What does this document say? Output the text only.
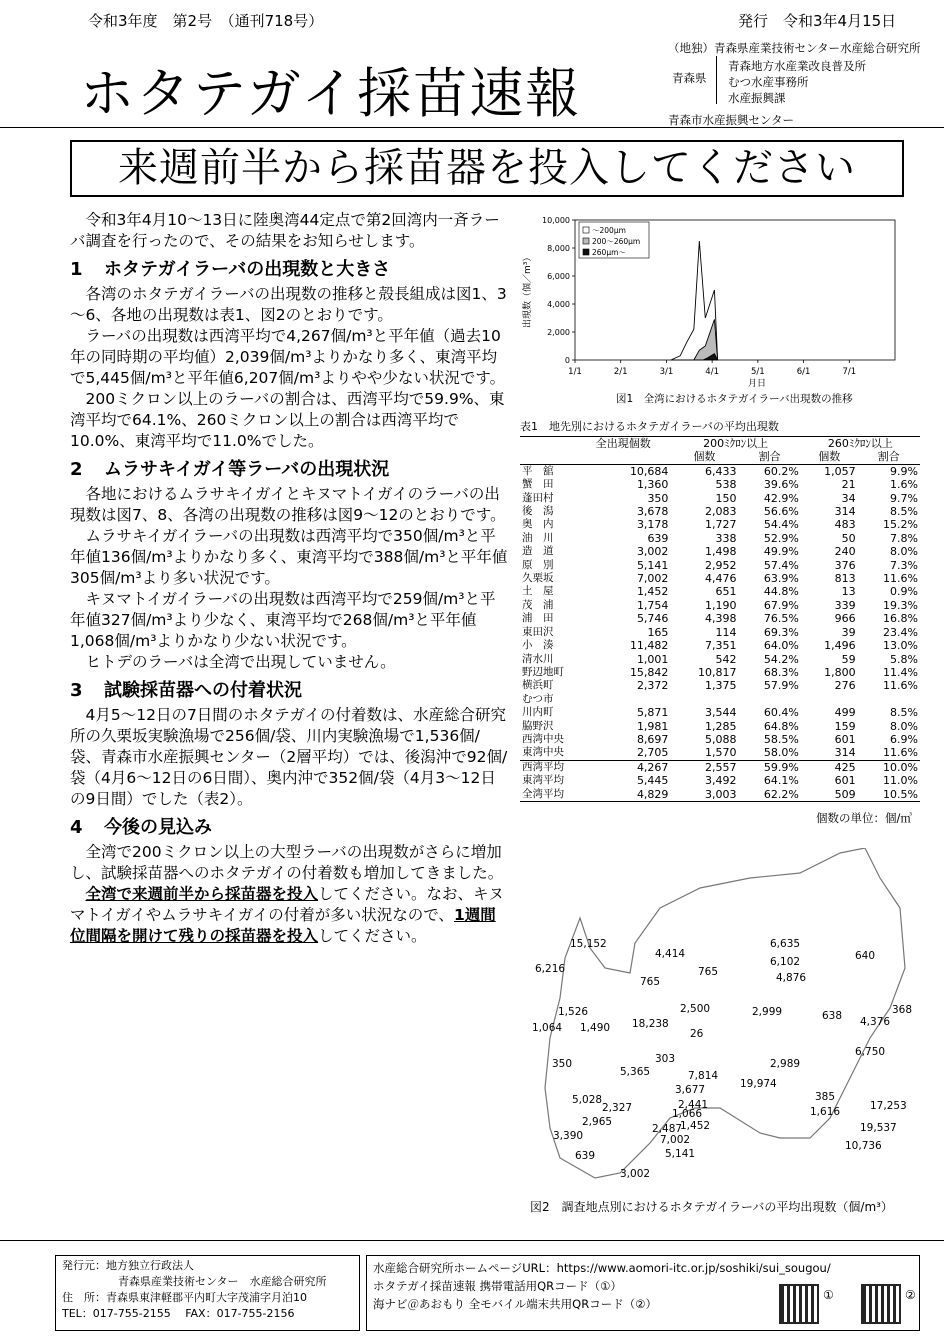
令和3年度　第2号　（通刊718号）	発行　令和3年4月15日
ホタテガイ採苗速報
（地独）青森県産業技術センター水産総合研究所
青森県
青森地方水産業改良普及所
むつ水産事務所
水産振興課
青森市水産振興センター
来週前半から採苗器を投入してください

令和3年4月10～13日に陸奥湾44定点で第2回湾内一斉ラーバ調査を行ったので、その結果をお知らせします。

1 ホタテガイラーバの出現数と大きさ

各湾のホタテガイラーバの出現数の推移と殻長組成は図1、3～6、各地の出現数は表1、図2のとおりです。

ラーバの出現数は西湾平均で4,267個/m³と平年値（過去10年の同時期の平均値）2,039個/m³よりかなり多く、東湾平均で5,445個/m³と平年値6,207個/m³よりやや少ない状況です。

200ミクロン以上のラーバの割合は、西湾平均で59.9%、東湾平均で64.1%、260ミクロン以上の割合は西湾平均で10.0%、東湾平均で11.0%でした。

2 ムラサキイガイ等ラーバの出現状況

各地におけるムラサキイガイとキヌマトイガイのラーバの出現数は図7、8、各湾の出現数の推移は図9～12のとおりです。

ムラサキイガイラーバの出現数は西湾平均で350個/m³と平年値136個/m³よりかなり多く、東湾平均で388個/m³と平年値305個/m³より多い状況です。

キヌマトイガイラーバの出現数は西湾平均で259個/m³と平年値327個/m³より少なく、東湾平均で268個/m³と平年値1,068個/m³よりかなり少ない状況です。

ヒトデのラーバは全湾で出現していません。

3 試験採苗器への付着状況

4月5～12日の7日間のホタテガイの付着数は、水産総合研究所の久栗坂実験漁場で256個/袋、川内実験漁場で1,536個/袋、青森市水産振興センター（2層平均）では、後潟沖で92個/袋（4月6～12日の6日間）、奥内沖で352個/袋（4月3～12日の9日間）でした（表2）。

4 今後の見込み

全湾で200ミクロン以上の大型ラーバの出現数がさらに増加し、試験採苗器へのホタテガイの付着数も増加してきました。

全湾で来週前半から採苗器を投入してください。なお、キヌマトイガイやムラサキイガイの付着が多い状況なので、1週間位間隔を開けて残りの採苗器を投入してください。

0
2,000
4,000
6,000
8,000
10,000
1/1	2/1	3/1	4/1	5/1	6/1	7/1
～200μm
200～260μm
260μm～
出現数（個／m³）
月日
図1　全湾におけるホタテガイラーバ出現数の推移
表1　地先別におけるホタテガイラーバの平均出現数
	全出現個数	200ﾐｸﾛﾝ以上		260ﾐｸﾛﾝ以上	
		個数	割合	個数	割合
平　舘	10,684	6,433	60.2%	1,057	9.9%
蟹　田	1,360	538	39.6%	21	1.6%
蓬田村	350	150	42.9%	34	9.7%
後　潟	3,678	2,083	56.6%	314	8.5%
奥　内	3,178	1,727	54.4%	483	15.2%
油　川	639	338	52.9%	50	7.8%
造　道	3,002	1,498	49.9%	240	8.0%
原　別	5,141	2,952	57.4%	376	7.3%
久栗坂	7,002	4,476	63.9%	813	11.6%
土　屋	1,452	651	44.8%	13	0.9%
茂　浦	1,754	1,190	67.9%	339	19.3%
浦　田	5,746	4,398	76.5%	966	16.8%
東田沢	165	114	69.3%	39	23.4%
小　湊	11,482	7,351	64.0%	1,496	13.0%
清水川	1,001	542	54.2%	59	5.8%
野辺地町	15,842	10,817	68.3%	1,800	11.4%
横浜町	2,372	1,375	57.9%	276	11.6%
むつ市					
川内町	5,871	3,544	60.4%	499	8.5%
脇野沢	1,981	1,285	64.8%	159	8.0%
西湾中央	8,697	5,088	58.5%	601	6.9%
東湾中央	2,705	1,570	58.0%	314	11.6%
西湾平均	4,267	2,557	59.9%	425	10.0%
東湾平均	5,445	3,492	64.1%	601	11.0%
全湾平均	4,829	3,003	62.2%	509	10.5%
個数の単位：個/㎥
15,152
6,216
4,414
765
765
6,635
6,102
4,876
640
1,526
1,064 1,490 18,238
2,500	2,999	638 4,376
368
26
6,750
350	303
5,365	7,814
2,989
3,677	19,974
5,028
2,327	2,441
1,066
385
1,616	17,253
2,965
2,487
1,452	19,537
3,390	7,002	10,736
639	5,141
3,002
図2　調査地点別におけるホタテガイラーバの平均出現数（個/m³）
発行元：地方独立行政法人
青森県産業技術センター　水産総合研究所
住　所：青森県東津軽郡平内町大字茂浦字月泊10
TEL：017-755-2155　 FAX：017-755-2156
水産総合研究所ホームページURL：https://www.aomori-itc.or.jp/soshiki/sui_sougou/
ホタテガイ採苗速報 携帯電話用QRコード（①）
海ナビ＠あおもり 全モバイル端末共用QRコード（②）
①	②
